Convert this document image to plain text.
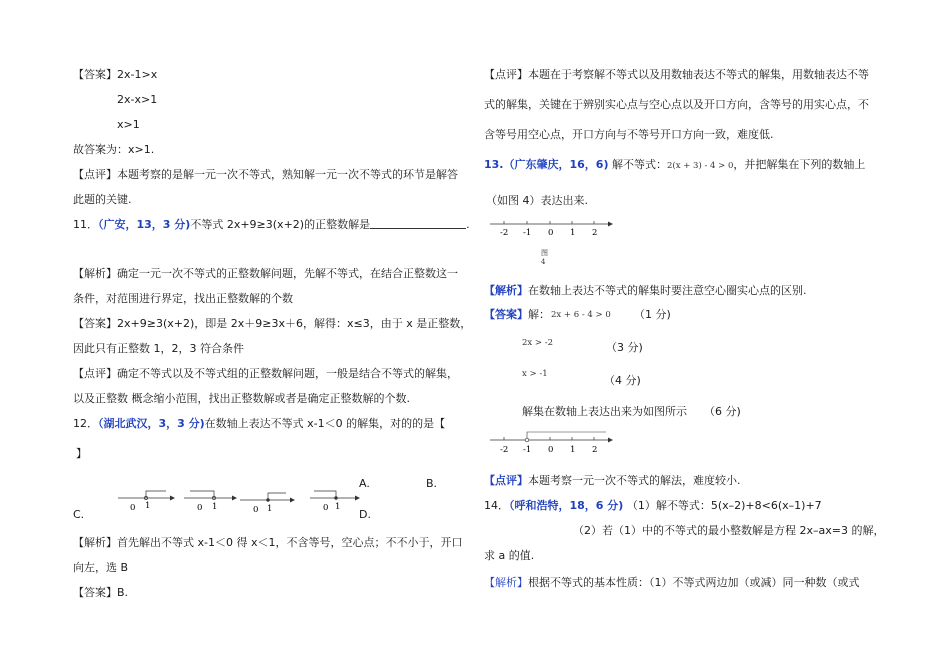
【答案】 2x-1>x
2x-x>1
x>1
故答案为：x>1.
【点评】本题考察的是解一元一次不等式，熟知解一元一次不等式的环节是解答
此题的关键.
11．（广安，13，3 分)不等式 2x+9≥3(x+2)的正整数解是	.
【解析】确定一元一次不等式的正整数解问题，先解不等式，在结合正整数这一
条件，对范围进行界定，找出正整数解的个数
【答案】2x+9≥3(x+2)，即是 2x＋9≥3x＋6，解得：x≤3，由于 x 是正整数，
因此只有正整数 1，2，3 符合条件
【点评】确定不等式以及不等式组的正整数解问题，一般是结合不等式的解集，
以及正整数 概念缩小范围，找出正整数解或者是确定正整数解的个数.
12．（湖北武汉，3，3 分)在数轴上表达不等式 x-1＜0 的解集，对的的是【
】
A.	B.
C.	D.
0 1	0 1	0 1	0 1
【解析】首先解出不等式 x-1＜0 得 x＜1，不含等号，空心点；不不小于，开口
向左，选 B
【答案】B.
【点评】本题在于考察解不等式以及用数轴表达不等式的解集，用数轴表达不等
式的解集，关键在于辨别实心点与空心点以及开口方向，含等号的用实心点，不
含等号用空心点，开口方向与不等号开口方向一致，难度低.
13.（广东肇庆，16，6) 解不等式：2(x + 3) - 4 > 0，并把解集在下列的数轴上
（如图 4）表达出来.
-2 -1 0 1 2
图 4
【解析】在数轴上表达不等式的解集时要注意空心圈实心点的区别.
【答案】解： 2x + 6 - 4 > 0 （1 分)
2x > -2	（3 分)
x > -1	（4 分)
解集在数轴上表达出来为如图所示 （6 分)
-2 -1 0 1 2
【点评】本题考察一元一次不等式的解法，难度较小.
14．（呼和浩特，18，6 分) （1）解不等式：5(x–2)+8<6(x–1)+7
（2）若（1）中的不等式的最小整数解是方程 2x–ax=3 的解，
求 a 的值.
【解析】根据不等式的基本性质：（1）不等式两边加（或减）同一种数（或式
